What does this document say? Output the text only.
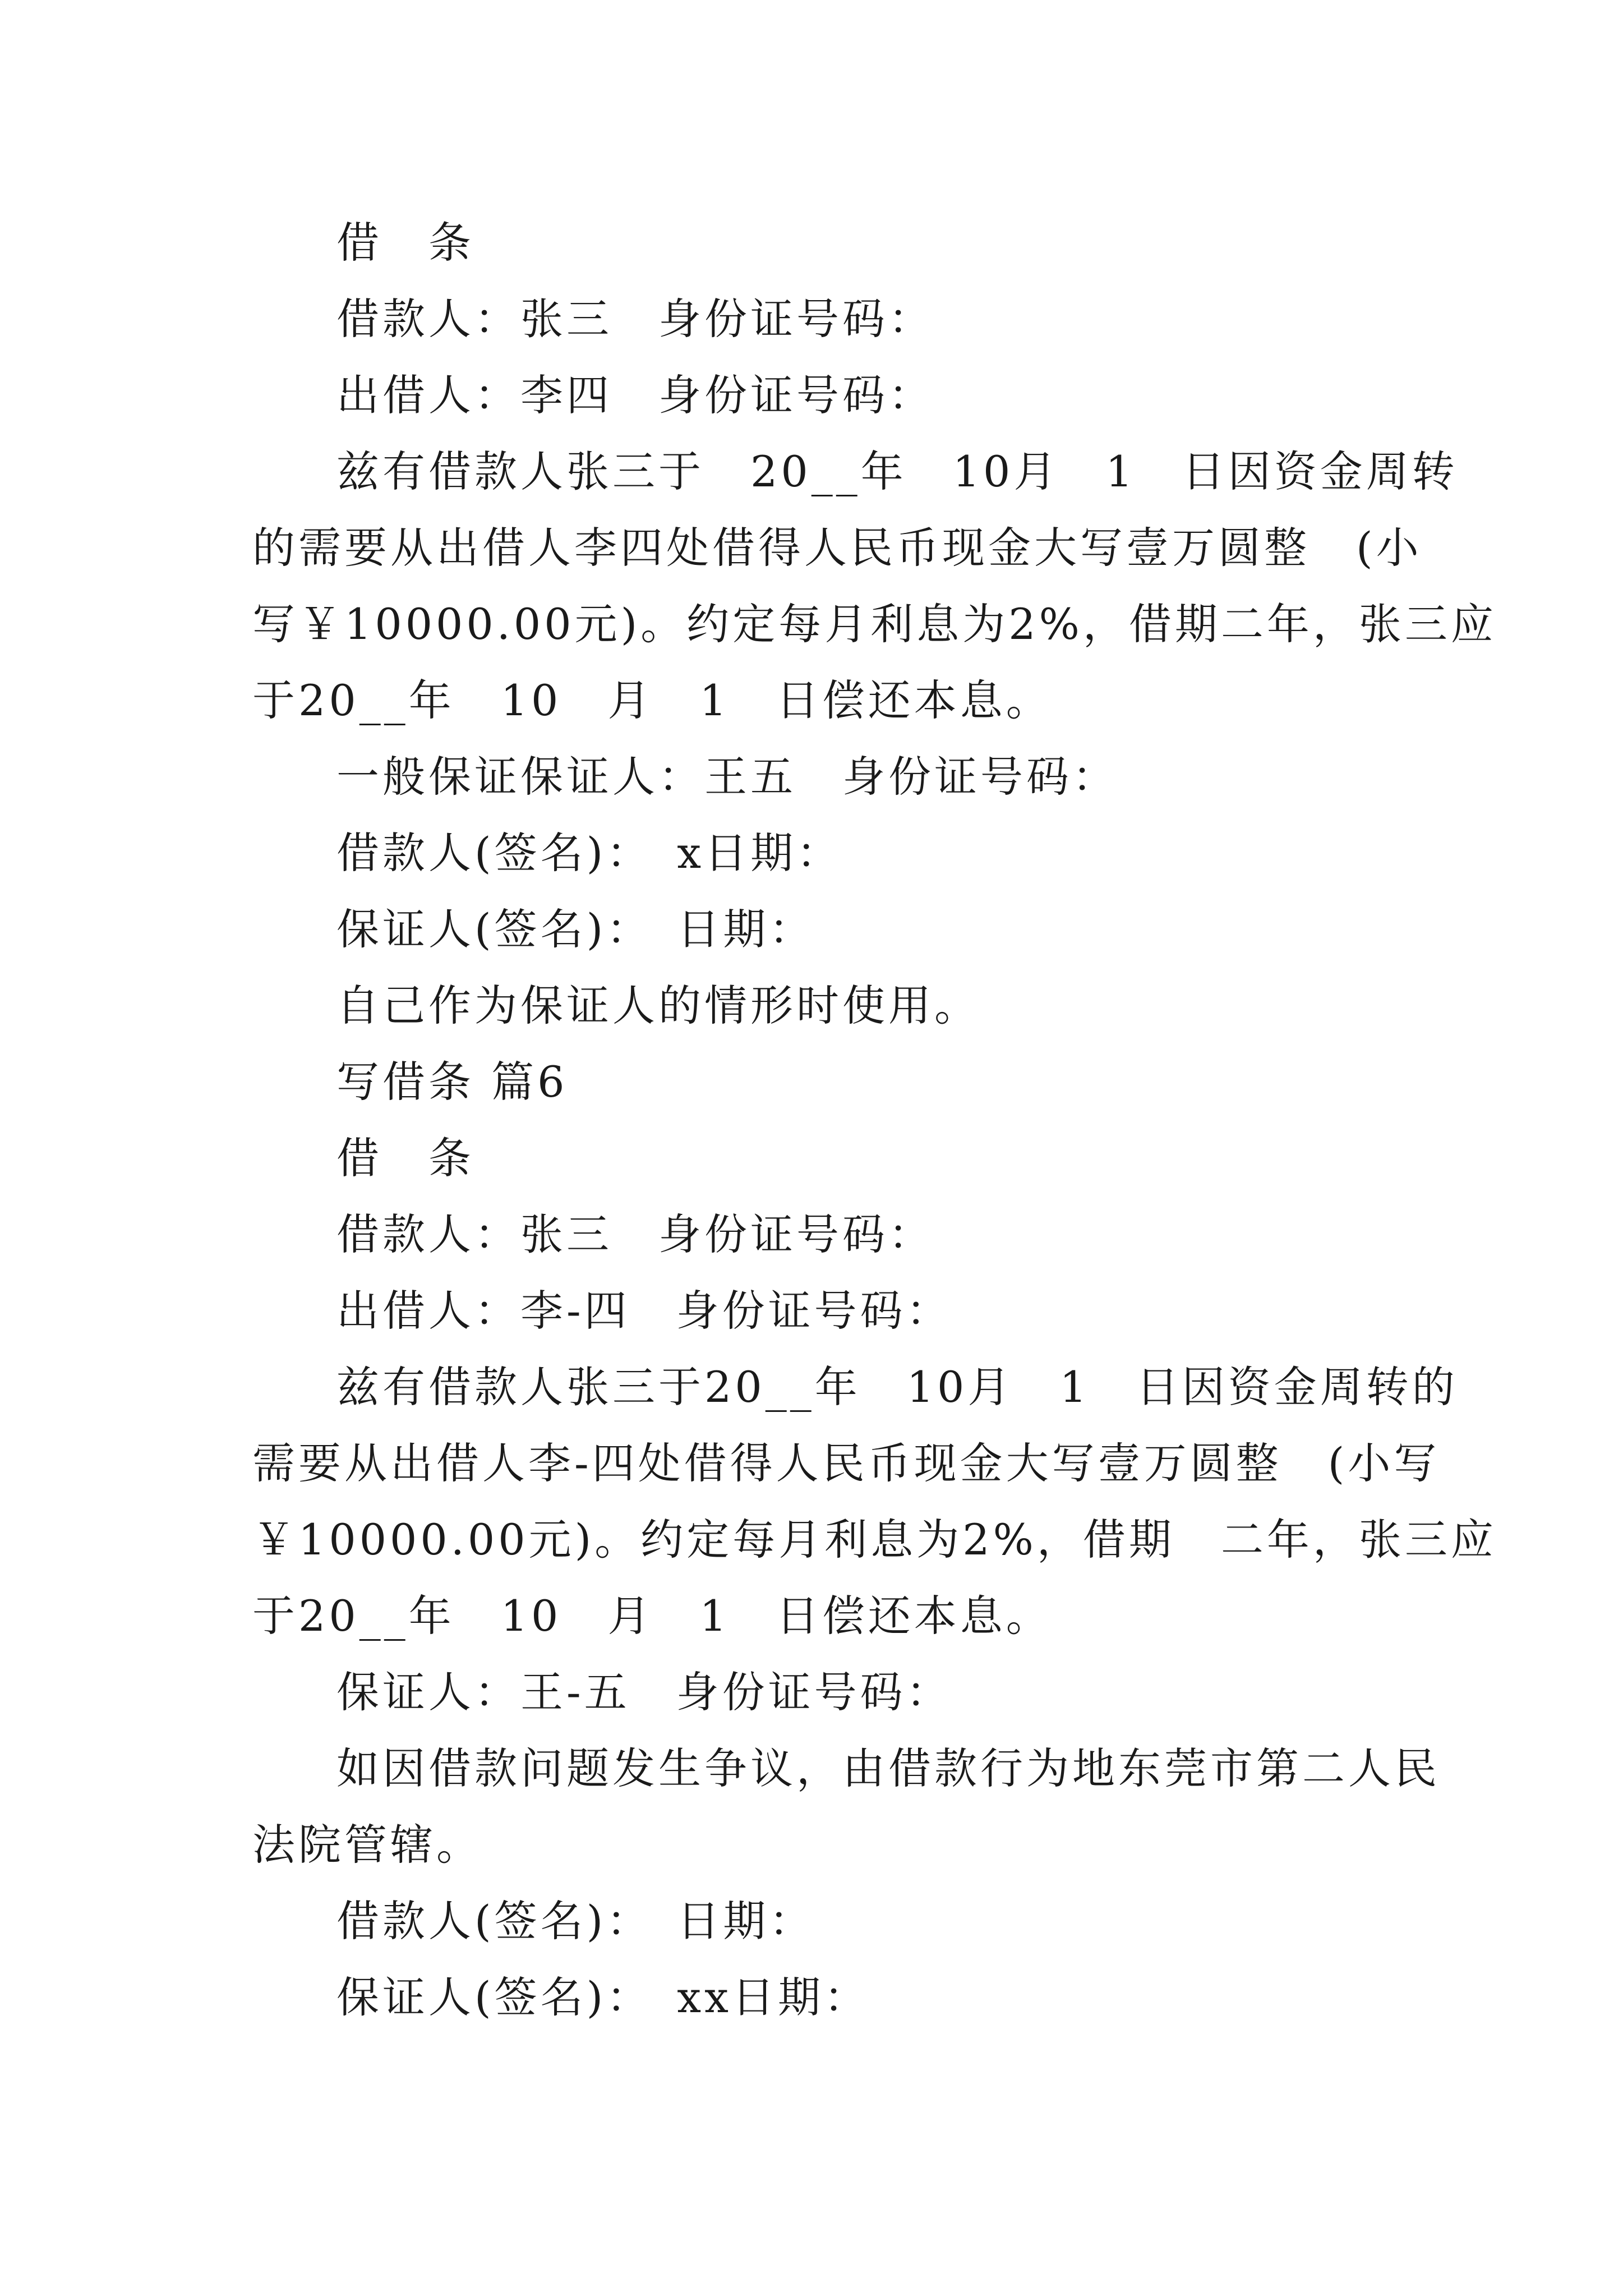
借　条

借款人：张三　身份证号码：

出借人：李四　身份证号码：

兹有借款人张三于　20__年　10月　1　日因资金周转

的需要从出借人李四处借得人民币现金大写壹万圆整　(小

写￥10000.00元)。约定每月利息为2%，借期二年，张三应

于20__年　10　月　1　日偿还本息。

一般保证保证人：王五　身份证号码：

借款人(签名)：　x日期：

保证人(签名)：　日期：

自己作为保证人的情形时使用。

写借条 篇6

借　条

借款人：张三　身份证号码：

出借人：李-四　身份证号码：

兹有借款人张三于20__年　10月　1　日因资金周转的

需要从出借人李-四处借得人民币现金大写壹万圆整　(小写

￥10000.00元)。约定每月利息为2%，借期　二年，张三应

于20__年　10　月　1　日偿还本息。

保证人：王-五　身份证号码：

如因借款问题发生争议，由借款行为地东莞市第二人民

法院管辖。

借款人(签名)：　日期：

保证人(签名)：　xx日期：
